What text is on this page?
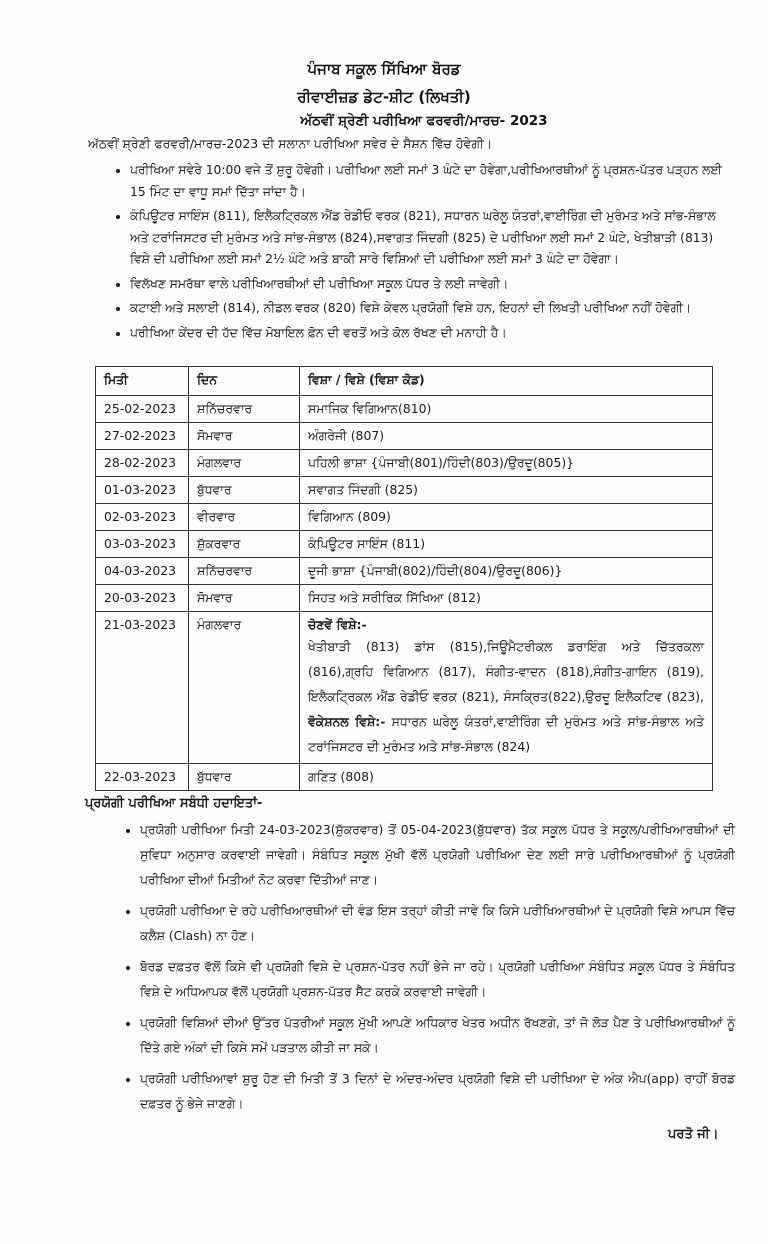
ਪੰਜਾਬ ਸਕੂਲ ਸਿੱਖਿਆ ਬੋਰਡ
ਰੀਵਾਈਜ਼ਡ ਡੇਟ-ਸ਼ੀਟ (ਲਿਖਤੀ)
ਅੱਠਵੀਂ ਸ਼੍ਰੇਣੀ ਪਰੀਖਿਆ ਫਰਵਰੀ/ਮਾਰਚ- 2023
ਅੱਠਵੀਂ ਸ਼੍ਰੇਣੀ ਫਰਵਰੀ/ਮਾਰਚ-2023 ਦੀ ਸਲਾਨਾ ਪਰੀਖਿਆ ਸਵੇਰ ਦੇ ਸੈਸ਼ਨ ਵਿੱਚ ਹੋਵੇਗੀ।
• ਪਰੀਖਿਆ ਸਵੇਰੇ 10:00 ਵਜੇ ਤੋਂ ਸ਼ੁਰੂ ਹੋਵੇਗੀ। ਪਰੀਖਿਆ ਲਈ ਸਮਾਂ 3 ਘੰਟੇ ਦਾ ਹੋਵੇਗਾ,ਪਰੀਖਿਆਰਥੀਆਂ ਨੂੰ ਪ੍ਰਸ਼ਨ-ਪੱਤਰ ਪੜ੍ਹਨ ਲਈ 15 ਮਿੰਟ ਦਾ ਵਾਧੂ ਸਮਾਂ ਦਿੱਤਾ ਜਾਂਦਾ ਹੈ।
• ਕੰਪਿਊਟਰ ਸਾਇੰਸ (811), ਇਲੈਕਟ੍ਰਿਕਲ ਐਂਡ ਰੇਡੀਓ ਵਰਕ (821), ਸਧਾਰਨ ਘਰੇਲੂ ਯੰਤਰਾਂ,ਵਾਈਰਿੰਗ ਦੀ ਮੁਰੰਮਤ ਅਤੇ ਸਾਂਭ-ਸੰਭਾਲ ਅਤੇ ਟਰਾਂਜਿਸਟਰ ਦੀ ਮੁਰੰਮਤ ਅਤੇ ਸਾਂਭ-ਸੰਭਾਲ (824),ਸਵਾਗਤ ਜਿੰਦਗੀ (825) ਦੇ ਪਰੀਖਿਆ ਲਈ ਸਮਾਂ 2 ਘੰਟੇ, ਖੇਤੀਬਾੜੀ (813) ਵਿਸ਼ੇ ਦੀ ਪਰੀਖਿਆ ਲਈ ਸਮਾਂ 2½ ਘੰਟੇ ਅਤੇ ਬਾਕੀ ਸਾਰੇ ਵਿਸ਼ਿਆਂ ਦੀ ਪਰੀਖਿਆ ਲਈ ਸਮਾਂ 3 ਘੰਟੇ ਦਾ ਹੋਵੇਗਾ।
• ਵਿਲੱਖਣ ਸਮਰੱਥਾ ਵਾਲੇ ਪਰੀਖਿਆਰਥੀਆਂ ਦੀ ਪਰੀਖਿਆ ਸਕੂਲ ਪੱਧਰ ਤੇ ਲਈ ਜਾਵੇਗੀ।
• ਕਟਾਈ ਅਤੇ ਸਲਾਈ (814), ਨੀਡਲ ਵਰਕ (820) ਵਿਸ਼ੇ ਕੇਵਲ ਪ੍ਰਯੋਗੀ ਵਿਸ਼ੇ ਹਨ, ਇਹਨਾਂ ਦੀ ਲਿਖਤੀ ਪਰੀਖਿਆ ਨਹੀਂ ਹੋਵੇਗੀ।
• ਪਰੀਖਿਆ ਕੇਂਦਰ ਦੀ ਹੱਦ ਵਿੱਚ ਮੋਬਾਇਲ ਫ਼ੋਨ ਦੀ ਵਰਤੋਂ ਅਤੇ ਕੋਲ ਰੱਖਣ ਦੀ ਮਨਾਹੀ ਹੈ।
ਮਿਤੀ	ਦਿਨ	ਵਿਸ਼ਾ / ਵਿਸ਼ੇ (ਵਿਸ਼ਾ ਕੋਡ)
25-02-2023	ਸ਼ਨਿੱਚਰਵਾਰ	ਸਮਾਜਿਕ ਵਿਗਿਆਨ(810)
27-02-2023	ਸੋਮਵਾਰ	ਅੰਗਰੇਜੀ (807)
28-02-2023	ਮੰਗਲਵਾਰ	ਪਹਿਲੀ ਭਾਸ਼ਾ {ਪੰਜਾਬੀ(801)/ਹਿੰਦੀ(803)/ਉਰਦੂ(805)}
01-03-2023	ਬੁੱਧਵਾਰ	ਸਵਾਗਤ ਜਿੰਦਗੀ (825)
02-03-2023	ਵੀਰਵਾਰ	ਵਿਗਿਆਨ (809)
03-03-2023	ਸ਼ੁੱਕਰਵਾਰ	ਕੰਪਿਊਟਰ ਸਾਇੰਸ (811)
04-03-2023	ਸ਼ਨਿੱਚਰਵਾਰ	ਦੂਜੀ ਭਾਸ਼ਾ {ਪੰਜਾਬੀ(802)/ਹਿੰਦੀ(804)/ਉਰਦੂ(806)}
20-03-2023	ਸੋਮਵਾਰ	ਸਿਹਤ ਅਤੇ ਸਰੀਰਿਕ ਸਿੱਖਿਆ (812)
21-03-2023	ਮੰਗਲਵਾਰ	ਚੋਣਵੇਂ ਵਿਸ਼ੇ:-
ਖੇਤੀਬਾੜੀ (813) ਡਾਂਸ (815),ਜਿਊਮੈਟਰੀਕਲ ਡਰਾਇੰਗ ਅਤੇ ਚਿੱਤਰਕਲਾ (816),ਗ੍ਰਹਿ ਵਿਗਿਆਨ (817), ਸੰਗੀਤ-ਵਾਦਨ (818),ਸੰਗੀਤ-ਗਾਇਨ (819), ਇਲੈਕਟ੍ਰਿਕਲ ਐਂਡ ਰੇਡੀਓ ਵਰਕ (821), ਸੰਸਕ੍ਰਿਤ(822),ਉਰਦੂ ਇਲੈਕਟਿਵ (823), ਵੋਕੇਸ਼ਨਲ ਵਿਸ਼ੇ:- ਸਧਾਰਨ ਘਰੇਲੂ ਯੰਤਰਾਂ,ਵਾਈਰਿੰਗ ਦੀ ਮੁਰੰਮਤ ਅਤੇ ਸਾਂਭ-ਸੰਭਾਲ ਅਤੇ ਟਰਾਂਜਿਸਟਰ ਦੀ ਮੁਰੰਮਤ ਅਤੇ ਸਾਂਭ-ਸੰਭਾਲ (824)

22-03-2023	ਬੁੱਧਵਾਰ	ਗਣਿਤ (808)
ਪ੍ਰਯੋਗੀ ਪਰੀਖਿਆ ਸਬੰਧੀ ਹਦਾਇਤਾਂ-
• ਪ੍ਰਯੋਗੀ ਪਰੀਖਿਆ ਮਿਤੀ 24-03-2023(ਸ਼ੁੱਕਰਵਾਰ) ਤੋਂ 05-04-2023(ਬੁੱਧਵਾਰ) ਤੱਕ ਸਕੂਲ ਪੱਧਰ ਤੇ ਸਕੂਲ/ਪਰੀਖਿਆਰਥੀਆਂ ਦੀ ਸੁਵਿਧਾ ਅਨੁਸਾਰ ਕਰਵਾਈ ਜਾਵੇਗੀ। ਸੰਬੰਧਿਤ ਸਕੂਲ ਮੁੱਖੀ ਵੱਲੋਂ ਪ੍ਰਯੋਗੀ ਪਰੀਖਿਆ ਦੇਣ ਲਈ ਸਾਰੇ ਪਰੀਖਿਆਰਥੀਆਂ ਨੂੰ ਪ੍ਰਯੋਗੀ ਪਰੀਖਿਆ ਦੀਆਂ ਮਿਤੀਆਂ ਨੋਟ ਕਰਵਾ ਦਿੱਤੀਆਂ ਜਾਣ।
• ਪ੍ਰਯੋਗੀ ਪਰੀਖਿਆ ਦੇ ਰਹੇ ਪਰੀਖਿਆਰਥੀਆਂ ਦੀ ਵੰਡ ਇਸ ਤਰ੍ਹਾਂ ਕੀਤੀ ਜਾਵੇ ਕਿ ਕਿਸੇ ਪਰੀਖਿਆਰਥੀਆਂ ਦੇ ਪ੍ਰਯੋਗੀ ਵਿਸ਼ੇ ਆਪਸ ਵਿੱਚ ਕਲੈਸ਼ (Clash) ਨਾ ਹੋਣ।
• ਬੋਰਡ ਦਫ਼ਤਰ ਵੱਲੋਂ ਕਿਸੇ ਵੀ ਪ੍ਰਯੋਗੀ ਵਿਸ਼ੇ ਦੇ ਪ੍ਰਸ਼ਨ-ਪੱਤਰ ਨਹੀਂ ਭੇਜੇ ਜਾ ਰਹੇ। ਪ੍ਰਯੋਗੀ ਪਰੀਖਿਆ ਸੰਬੰਧਿਤ ਸਕੂਲ ਪੱਧਰ ਤੇ ਸੰਬੰਧਿਤ ਵਿਸ਼ੇ ਦੇ ਅਧਿਆਪਕ ਵੱਲੋਂ ਪ੍ਰਯੋਗੀ ਪ੍ਰਸ਼ਨ-ਪੱਤਰ ਸੈੱਟ ਕਰਕੇ ਕਰਵਾਈ ਜਾਵੇਗੀ।
• ਪ੍ਰਯੋਗੀ ਵਿਸ਼ਿਆਂ ਦੀਆਂ ਉੱਤਰ ਪੱਤਰੀਆਂ ਸਕੂਲ ਮੁੱਖੀ ਆਪਣੇ ਅਧਿਕਾਰ ਖੇਤਰ ਅਧੀਨ ਰੱਖਣਗੇ, ਤਾਂ ਜੋ ਲੋੜ ਪੈਣ ਤੇ ਪਰੀਖਿਆਰਥੀਆਂ ਨੂੰ ਦਿੱਤੇ ਗਏ ਅੰਕਾਂ ਦੀ ਕਿਸੇ ਸਮੇਂ ਪੜਤਾਲ ਕੀਤੀ ਜਾ ਸਕੇ।
• ਪ੍ਰਯੋਗੀ ਪਰੀਖਿਆਵਾਂ ਸ਼ੁਰੂ ਹੋਣ ਦੀ ਮਿਤੀ ਤੋਂ 3 ਦਿਨਾਂ ਦੇ ਅੰਦਰ-ਅੰਦਰ ਪ੍ਰਯੋਗੀ ਵਿਸ਼ੇ ਦੀ ਪਰੀਖਿਆ ਦੇ ਅੰਕ ਐਪ(app) ਰਾਹੀਂ ਬੋਰਡ ਦਫ਼ਤਰ ਨੂੰ ਭੇਜੇ ਜਾਣਗੇ।
ਪਰਤੋ ਜੀ।
